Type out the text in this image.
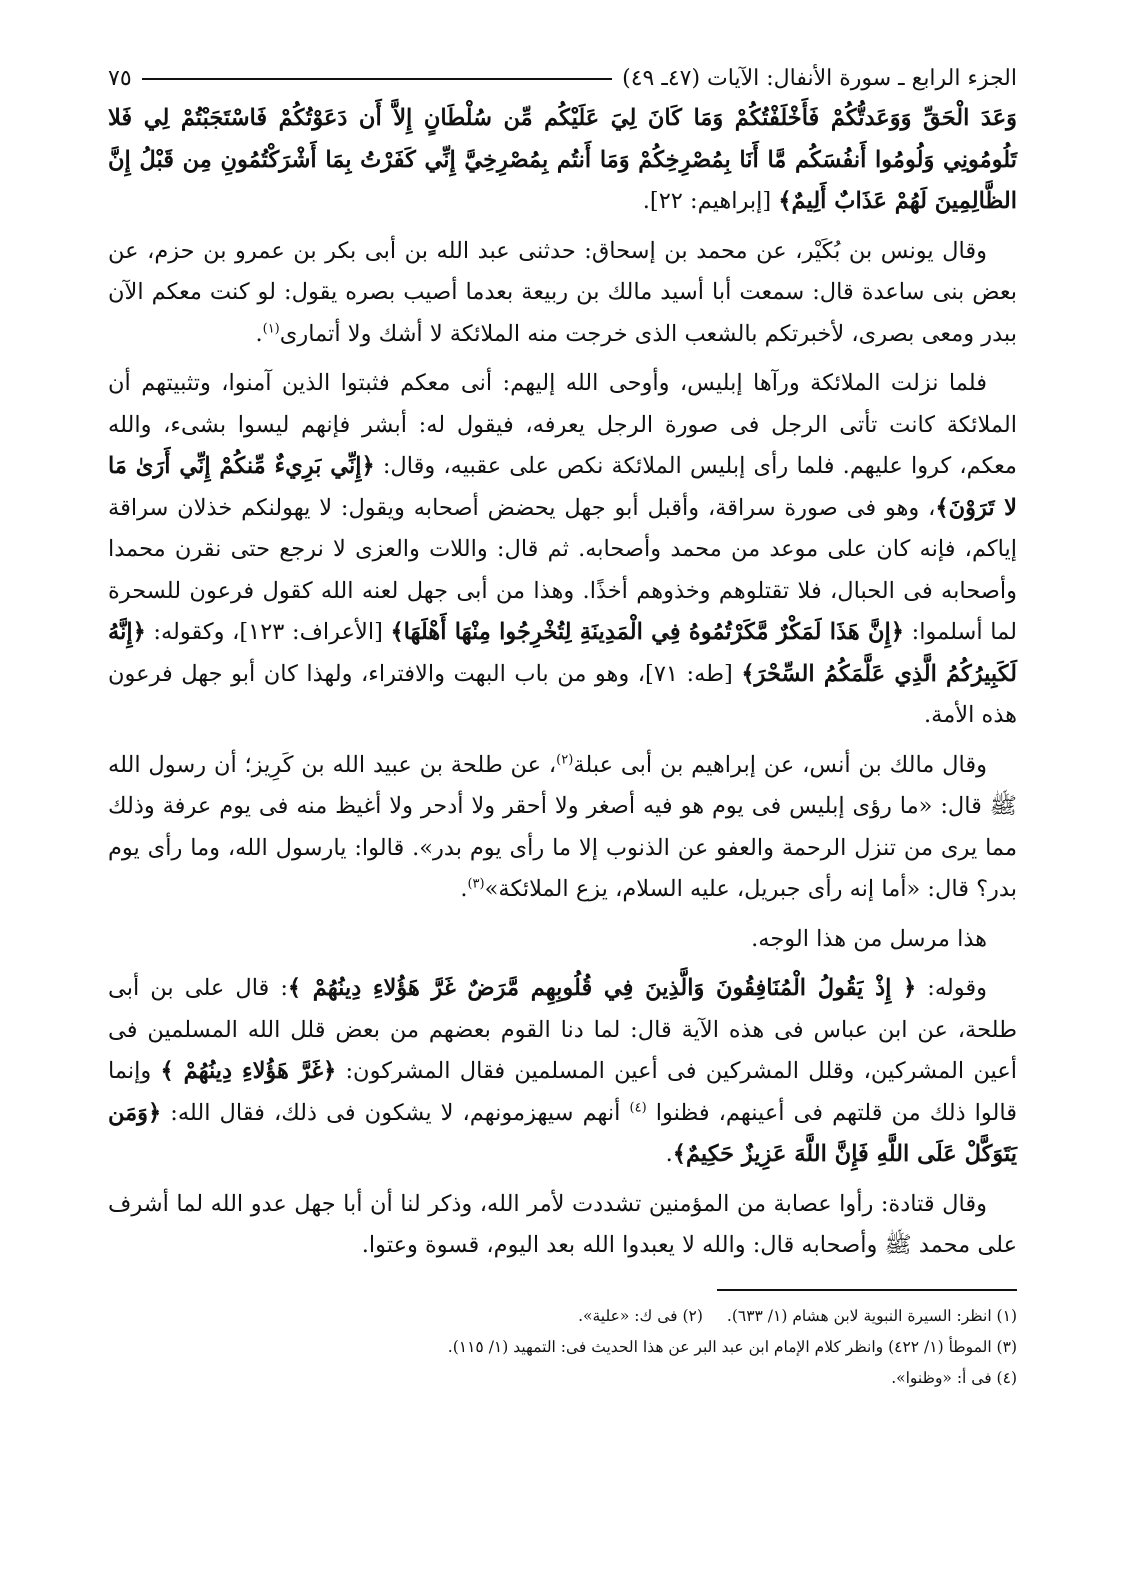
الجزء الرابع ـ سورة الأنفال: الآيات (٤٧ـ ٤٩)
٧٥

وَعَدَ الْحَقِّ وَوَعَدتُّكُمْ فَأَخْلَفْتُكُمْ وَمَا كَانَ لِيَ عَلَيْكُم مِّن سُلْطَانٍ إِلاَّ أَن دَعَوْتُكُمْ فَاسْتَجَبْتُمْ لِي فَلا تَلُومُونِي وَلُومُوا أَنفُسَكُم مَّا أَنَا بِمُصْرِخِكُمْ وَمَا أَنتُم بِمُصْرِخِيَّ إِنِّي كَفَرْتُ بِمَا أَشْرَكْتُمُونِ مِن قَبْلُ إِنَّ الظَّالِمِينَ لَهُمْ عَذَابٌ أَلِيمٌ﴾ [إبراهيم: ٢٢].

وقال يونس بن بُكَيْر، عن محمد بن إسحاق: حدثنى عبد الله بن أبى بكر بن عمرو بن حزم، عن بعض بنى ساعدة قال: سمعت أبا أسيد مالك بن ربيعة بعدما أصيب بصره يقول: لو كنت معكم الآن ببدر ومعى بصرى، لأخبرتكم بالشعب الذى خرجت منه الملائكة لا أشك ولا أتمارى$^{(١)}$.

فلما نزلت الملائكة ورآها إبليس، وأوحى الله إليهم: أنى معكم فثبتوا الذين آمنوا، وتثبيتهم أن الملائكة كانت تأتى الرجل فى صورة الرجل يعرفه، فيقول له: أبشر فإنهم ليسوا بشىء، والله معكم، كروا عليهم. فلما رأى إبليس الملائكة نكص على عقبيه، وقال: ﴿إِنِّي بَرِيءٌ مِّنكُمْ إِنِّي أَرَىٰ مَا لا تَرَوْنَ﴾، وهو فى صورة سراقة، وأقبل أبو جهل يحضض أصحابه ويقول: لا يهولنكم خذلان سراقة إياكم، فإنه كان على موعد من محمد وأصحابه. ثم قال: واللات والعزى لا نرجع حتى نقرن محمدا وأصحابه فى الحبال، فلا تقتلوهم وخذوهم أخذًا. وهذا من أبى جهل لعنه الله كقول فرعون للسحرة لما أسلموا: ﴿إِنَّ هَذَا لَمَكْرٌ مَّكَرْتُمُوهُ فِي الْمَدِينَةِ لِتُخْرِجُوا مِنْهَا أَهْلَهَا﴾ [الأعراف: ١٢٣]، وكقوله: ﴿إِنَّهُ لَكَبِيرُكُمُ الَّذِي عَلَّمَكُمُ السِّحْرَ﴾ [طه: ٧١]، وهو من باب البهت والافتراء، ولهذا كان أبو جهل فرعون هذه الأمة.

وقال مالك بن أنس، عن إبراهيم بن أبى عبلة$^{(٢)}$، عن طلحة بن عبيد الله بن كَرِيز؛ أن رسول الله ﷺ قال: «ما رؤى إبليس فى يوم هو فيه أصغر ولا أحقر ولا أدحر ولا أغيظ منه فى يوم عرفة وذلك مما يرى من تنزل الرحمة والعفو عن الذنوب إلا ما رأى يوم بدر». قالوا: يارسول الله، وما رأى يوم بدر؟ قال: «أما إنه رأى جبريل، عليه السلام، يزع الملائكة»$^{(٣)}$.

هذا مرسل من هذا الوجه.

وقوله: ﴿ إِذْ يَقُولُ الْمُنَافِقُونَ وَالَّذِينَ فِي قُلُوبِهِم مَّرَضٌ غَرَّ هَؤُلاءِ دِينُهُمْ ﴾: قال على بن أبى طلحة، عن ابن عباس فى هذه الآية قال: لما دنا القوم بعضهم من بعض قلل الله المسلمين فى أعين المشركين، وقلل المشركين فى أعين المسلمين فقال المشركون: ﴿غَرَّ هَؤُلاءِ دِينُهُمْ ﴾ وإنما قالوا ذلك من قلتهم فى أعينهم، فظنوا $^{(٤)}$ أنهم سيهزمونهم، لا يشكون فى ذلك، فقال الله: ﴿وَمَن يَتَوَكَّلْ عَلَى اللَّهِ فَإِنَّ اللَّهَ عَزِيزٌ حَكِيمٌ﴾.

وقال قتادة: رأوا عصابة من المؤمنين تشددت لأمر الله، وذكر لنا أن أبا جهل عدو الله لما أشرف على محمد ﷺ وأصحابه قال: والله لا يعبدوا الله بعد اليوم، قسوة وعتوا.

(١) انظر: السيرة النبوية لابن هشام (١/ ٦٣٣).(٢) فى ك: «علية».

(٣) الموطأ (١/ ٤٢٢) وانظر كلام الإمام ابن عبد البر عن هذا الحديث فى: التمهيد (١/ ١١٥).

(٤) فى أ: «وظنوا».
